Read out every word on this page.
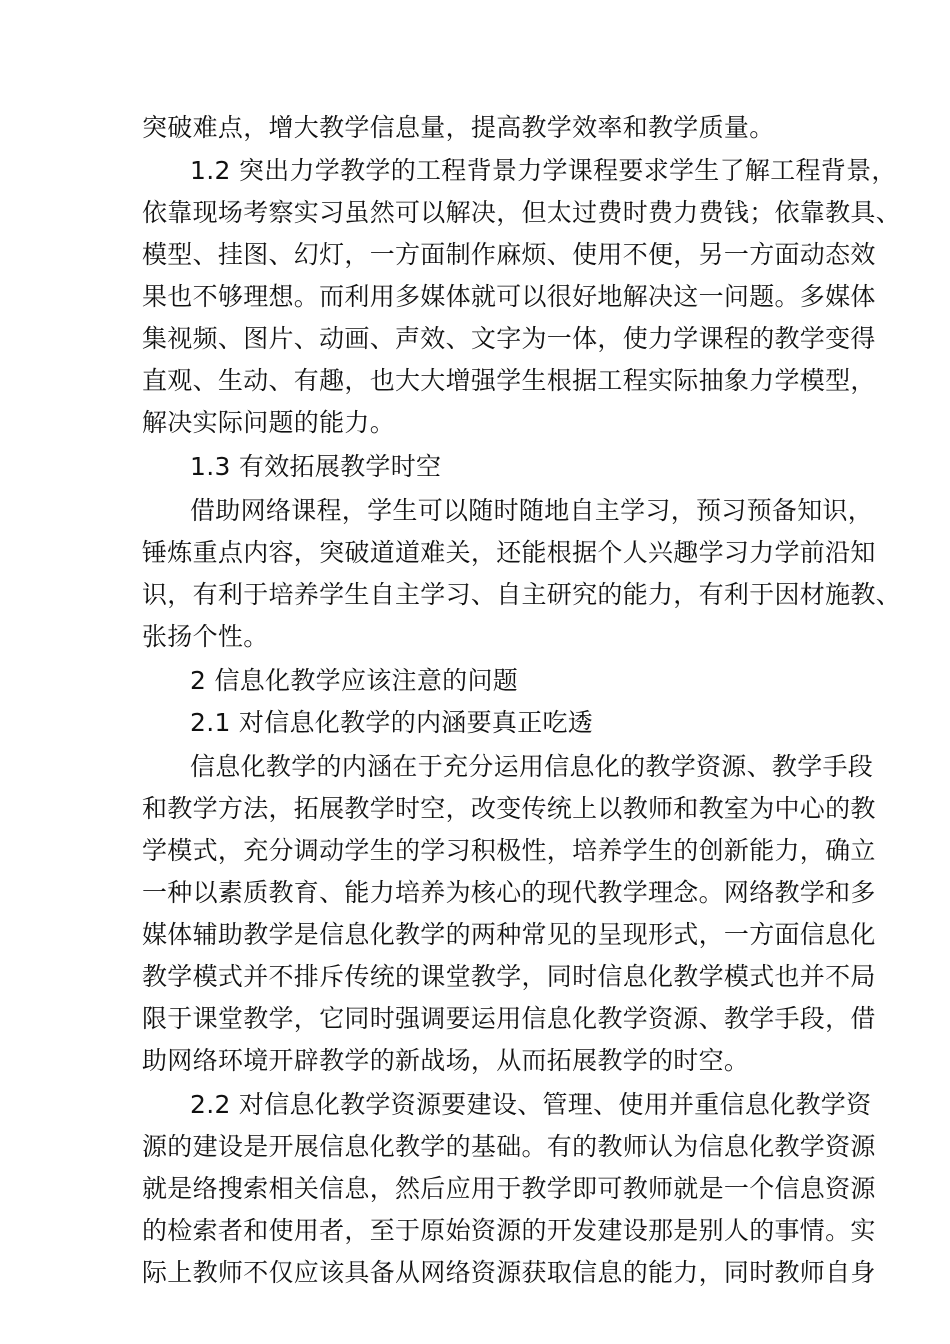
突破难点，增大教学信息量，提高教学效率和教学质量。
1.2 突出力学教学的工程背景力学课程要求学生了解工程背景，
依靠现场考察实习虽然可以解决，但太过费时费力费钱；依靠教具、
模型、挂图、幻灯，一方面制作麻烦、使用不便，另一方面动态效
果也不够理想。而利用多媒体就可以很好地解决这一问题。多媒体
集视频、图片、动画、声效、文字为一体，使力学课程的教学变得
直观、生动、有趣，也大大增强学生根据工程实际抽象力学模型，
解决实际问题的能力。
1.3 有效拓展教学时空
借助网络课程，学生可以随时随地自主学习，预习预备知识，
锤炼重点内容，突破道道难关，还能根据个人兴趣学习力学前沿知
识，有利于培养学生自主学习、自主研究的能力，有利于因材施教、
张扬个性。
2 信息化教学应该注意的问题
2.1 对信息化教学的内涵要真正吃透
信息化教学的内涵在于充分运用信息化的教学资源、教学手段
和教学方法，拓展教学时空，改变传统上以教师和教室为中心的教
学模式，充分调动学生的学习积极性，培养学生的创新能力，确立
一种以素质教育、能力培养为核心的现代教学理念。网络教学和多
媒体辅助教学是信息化教学的两种常见的呈现形式，一方面信息化
教学模式并不排斥传统的课堂教学，同时信息化教学模式也并不局
限于课堂教学，它同时强调要运用信息化教学资源、教学手段，借
助网络环境开辟教学的新战场，从而拓展教学的时空。
2.2 对信息化教学资源要建设、管理、使用并重信息化教学资
源的建设是开展信息化教学的基础。有的教师认为信息化教学资源
就是络搜索相关信息，然后应用于教学即可教师就是一个信息资源
的检索者和使用者，至于原始资源的开发建设那是别人的事情。实
际上教师不仅应该具备从网络资源获取信息的能力，同时教师自身
